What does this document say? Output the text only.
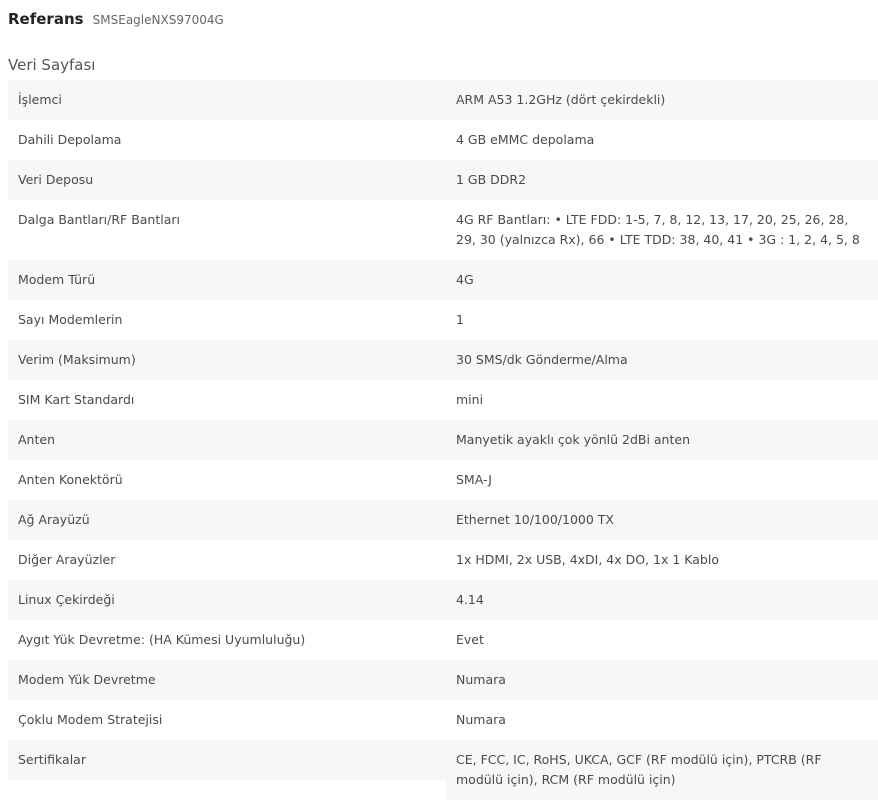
Referans SMSEagleNXS97004G
Veri Sayfası
İşlemci	ARM A53 1.2GHz (dört çekirdekli)
Dahili Depolama	4 GB eMMC depolama
Veri Deposu	1 GB DDR2
Dalga Bantları/RF Bantları	4G RF Bantları: • LTE FDD: 1-5, 7, 8, 12, 13, 17, 20, 25, 26, 28, 29, 30 (yalnızca Rx), 66 • LTE TDD: 38, 40, 41 • 3G : 1, 2, 4, 5, 8
Modem Türü	4G
Sayı Modemlerin	1
Verim (Maksimum)	30 SMS/dk Gönderme/Alma
SIM Kart Standardı	mini
Anten	Manyetik ayaklı çok yönlü 2dBi anten
Anten Konektörü	SMA-J
Ağ Arayüzü	Ethernet 10/100/1000 TX
Diğer Arayüzler	1x HDMI, 2x USB, 4xDI, 4x DO, 1x 1 Kablo
Linux Çekirdeği	4.14
Aygıt Yük Devretme: (HA Kümesi Uyumluluğu)	Evet
Modem Yük Devretme	Numara
Çoklu Modem Stratejisi	Numara
Sertifikalar	CE, FCC, IC, RoHS, UKCA, GCF (RF modülü için), PTCRB (RF modülü için), RCM (RF modülü için)
